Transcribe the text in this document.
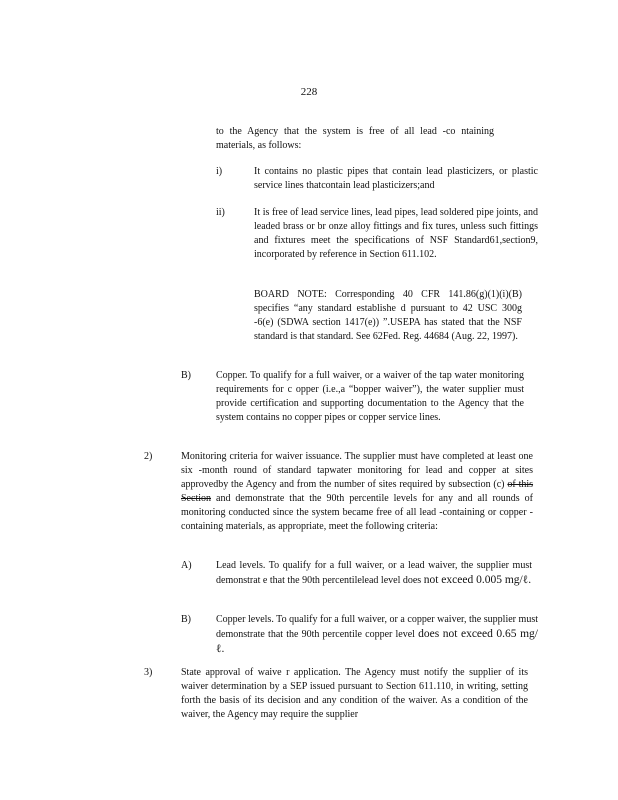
228

to the Agency that the system is free of all lead -co ntaining materials, as follows:

i)	It contains no plastic pipes that contain lead plasticizers, or plastic service lines thatcontain lead plasticizers;and

ii)	It is free of lead service lines, lead pipes, lead soldered pipe joints, and leaded brass or br onze alloy fittings and fix tures, unless such fittings and fixtures meet the specifications of NSF Standard61,section9, incorporated by reference in Section 611.102.

BOARD NOTE: Corresponding 40 CFR 141.86(g)(1)(i)(B) specifies “any standard establishe d pursuant to 42 USC 300g -6(e) (SDWA section 1417(e)) ”.USEPA has stated that the NSF standard is that standard. See 62Fed. Reg. 44684 (Aug. 22, 1997).

B)	Copper. To qualify for a full waiver, or a waiver of the tap water monitoring requirements for c opper (i.e.,a “bopper waiver”), the water supplier must provide certification and supporting documentation to the Agency that the system contains no copper pipes or copper service lines.

2)	Monitoring criteria for waiver issuance. The supplier must have completed at least one six -month round of standard tapwater monitoring for lead and copper at sites approvedby the Agency and from the number of sites required by subsection (c) of this Section and demonstrate that the 90th percentile levels for any and all rounds of monitoring conducted since the system became free of all lead -containing or copper -containing materials, as appropriate, meet the following criteria:

A) Lead levels. To qualify for a full waiver, or a lead waiver, the supplier must demonstrat e that the 90th percentilelead level does not exceed 0.005 mg/ℓ.

B)	Copper levels. To qualify for a full waiver, or a copper waiver, the supplier must demonstrate that the 90th percentile copper level does not exceed 0.65 mg/ℓ.

3)	State approval of waive r application. The Agency must notify the supplier of its waiver determination by a SEP issued pursuant to Section 611.110, in writing, setting forth the basis of its decision and any condition of the waiver. As a condition of the waiver, the Agency may require the supplier
